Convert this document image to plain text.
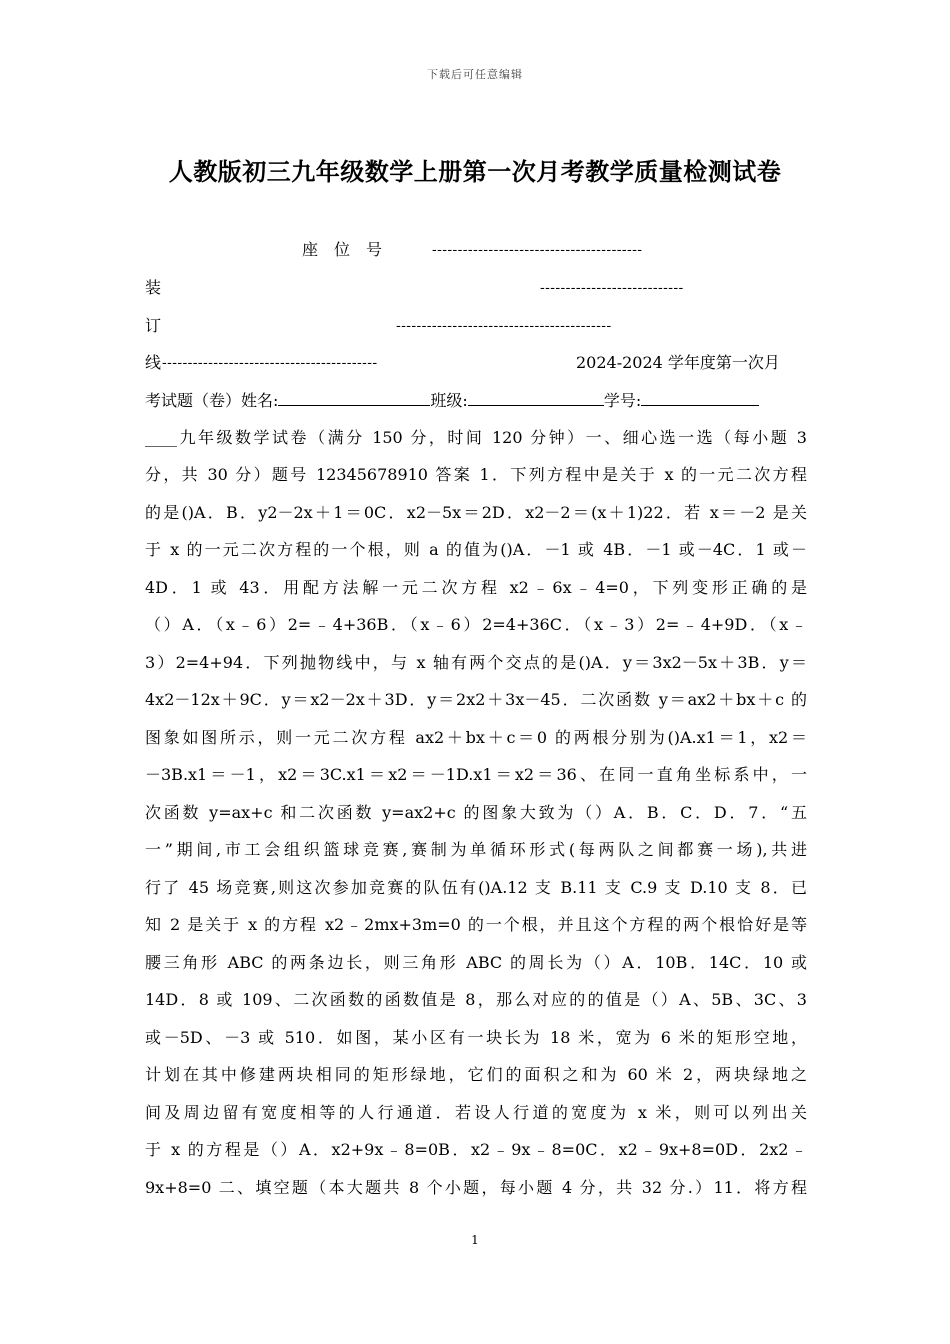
下载后可任意编辑
人教版初三九年级数学上册第一次月考教学质量检测试卷
座位号 -----------------------------------------
装	----------------------------
订	------------------------------------------
线 ------------------------------------------	2024-2024 学年度第一次月
考试题（卷）姓名:	班级:	学号:
____九年级数学试卷（满分 150 分，时间 120 分钟）一、细心选一选（每小题 3
分，共 30 分）题号 12345678910 答案 1．下列方程中是关于 x 的一元二次方程
的是()A．B．y2－2x＋1＝0C．x2－5x＝2D．x2－2＝(x＋1)22．若 x＝－2 是关
于 x 的一元二次方程的一个根，则 a 的值为()A．－1 或 4B．－1 或－4C．1 或－
4D．1 或 43．用配方法解一元二次方程 x2﹣6x﹣4=0，下列变形正确的是
（）A．（x﹣6）2=﹣4+36B．（x﹣6）2=4+36C．（x﹣3）2=﹣4+9D．（x﹣
3）2=4+94．下列抛物线中，与 x 轴有两个交点的是()A．y＝3x2－5x＋3B．y＝
4x2－12x＋9C．y＝x2－2x＋3D．y＝2x2＋3x－45．二次函数 y＝ax2＋bx＋c 的
图象如图所示，则一元二次方程 ax2＋bx＋c＝0 的两根分别为()A.x1＝1，x2＝
－3B.x1＝－1，x2＝3C.x1＝x2＝－1D.x1＝x2＝36、在同一直角坐标系中，一
次函数 y=ax+c 和二次函数 y=ax2+c 的图象大致为（）A．B．C．D．7．“五
一”期间,市工会组织篮球竞赛,赛制为单循环形式(每两队之间都赛一场),共进
行了 45 场竞赛,则这次参加竞赛的队伍有()A.12 支 B.11 支 C.9 支 D.10 支 8．已
知 2 是关于 x 的方程 x2﹣2mx+3m=0 的一个根，并且这个方程的两个根恰好是等
腰三角形 ABC 的两条边长，则三角形 ABC 的周长为（）A．10B．14C．10 或
14D．8 或 109、二次函数的函数值是 8，那么对应的的值是（）A、5B、3C、3
或－5D、－3 或 510．如图，某小区有一块长为 18 米，宽为 6 米的矩形空地，
计划在其中修建两块相同的矩形绿地，它们的面积之和为 60 米 2，两块绿地之
间及周边留有宽度相等的人行通道．若设人行道的宽度为 x 米，则可以列出关
于 x 的方程是（）A．x2+9x﹣8=0B．x2﹣9x﹣8=0C．x2﹣9x+8=0D．2x2﹣
9x+8=0 二、填空题（本大题共 8 个小题，每小题 4 分，共 32 分.）11．将方程
1
